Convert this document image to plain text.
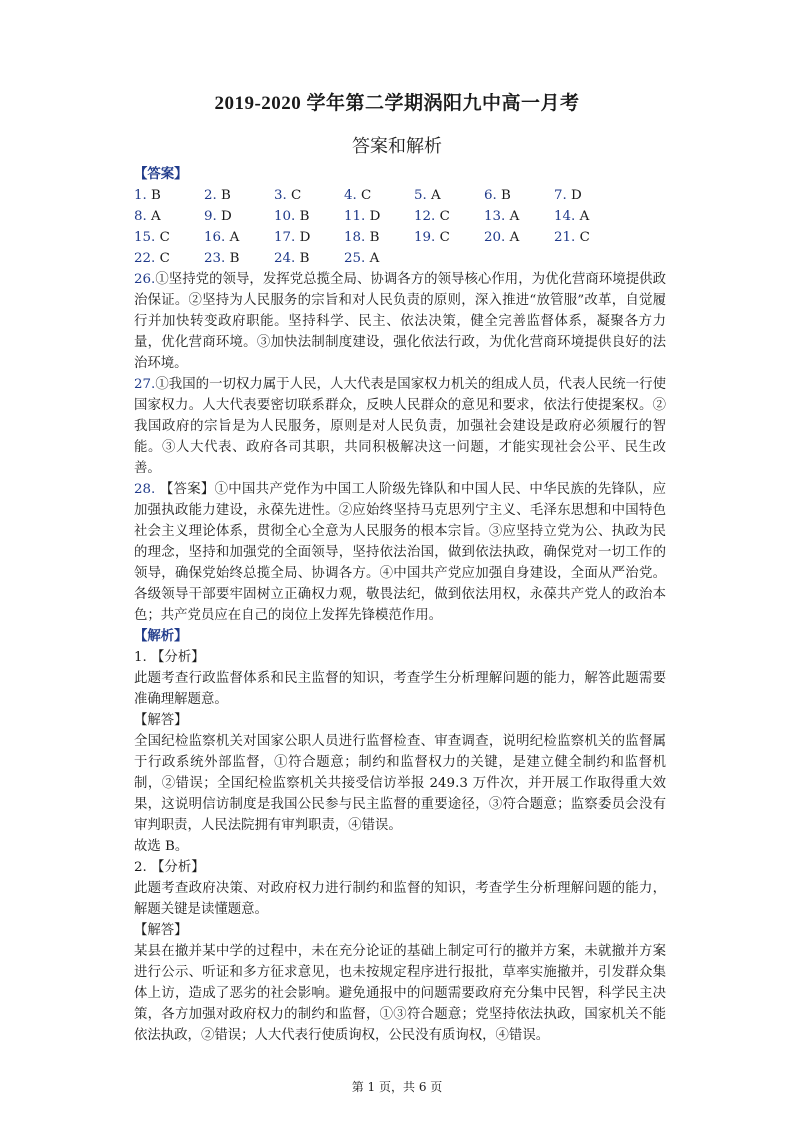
2019-2020 学年第二学期涡阳九中高一月考
答案和解析
【答案】
1. B	2. B	3. C	4. C	5. A	6. B	7. D
8. A	9. D	10. B	11. D	12. C	13. A	14. A
15. C	16. A	17. D	18. B	19. C	20. A	21. C
22. C	23. B	24. B	25. A
26.①坚持党的领导，发挥党总揽全局、协调各方的领导核心作用，为优化营商环境提供政治保证。②坚持为人民服务的宗旨和对人民负责的原则，深入推进“放管服”改革，自觉履行并加快转变政府职能。坚持科学、民主、依法决策，健全完善监督体系，凝聚各方力量，优化营商环境。③加快法制制度建设，强化依法行政，为优化营商环境提供良好的法治环境。
27.①我国的一切权力属于人民，人大代表是国家权力机关的组成人员，代表人民统一行使国家权力。人大代表要密切联系群众，反映人民群众的意见和要求，依法行使提案权。②我国政府的宗旨是为人民服务，原则是对人民负责，加强社会建设是政府必须履行的智能。③人大代表、政府各司其职，共同积极解决这一问题，才能实现社会公平、民生改善。
28. 【答案】①中国共产党作为中国工人阶级先锋队和中国人民、中华民族的先锋队，应加强执政能力建设，永葆先进性。②应始终坚持马克思列宁主义、毛泽东思想和中国特色社会主义理论体系，贯彻全心全意为人民服务的根本宗旨。③应坚持立党为公、执政为民的理念，坚持和加强党的全面领导，坚持依法治国，做到依法执政，确保党对一切工作的领导，确保党始终总揽全局、协调各方。④中国共产党应加强自身建设，全面从严治党。各级领导干部要牢固树立正确权力观，敬畏法纪，做到依法用权，永葆共产党人的政治本色；共产党员应在自己的岗位上发挥先锋模范作用。
【解析】
1. 【分析】
此题考查行政监督体系和民主监督的知识，考查学生分析理解问题的能力，解答此题需要准确理解题意。
【解答】
全国纪检监察机关对国家公职人员进行监督检查、审查调查，说明纪检监察机关的监督属于行政系统外部监督，①符合题意；制约和监督权力的关键，是建立健全制约和监督机制，②错误；全国纪检监察机关共接受信访举报 249.3 万件次，并开展工作取得重大效果，这说明信访制度是我国公民参与民主监督的重要途径，③符合题意；监察委员会没有审判职责，人民法院拥有审判职责，④错误。
故选 B。
2. 【分析】
此题考查政府决策、对政府权力进行制约和监督的知识，考查学生分析理解问题的能力，解题关键是读懂题意。
【解答】
某县在撤并某中学的过程中，未在充分论证的基础上制定可行的撤并方案，未就撤并方案进行公示、听证和多方征求意见，也未按规定程序进行报批，草率实施撤并，引发群众集体上访，造成了恶劣的社会影响。避免通报中的问题需要政府充分集中民智，科学民主决策，各方加强对政府权力的制约和监督，①③符合题意；党坚持依法执政，国家机关不能依法执政，②错误；人大代表行使质询权，公民没有质询权，④错误。
第 1 页，共 6 页
